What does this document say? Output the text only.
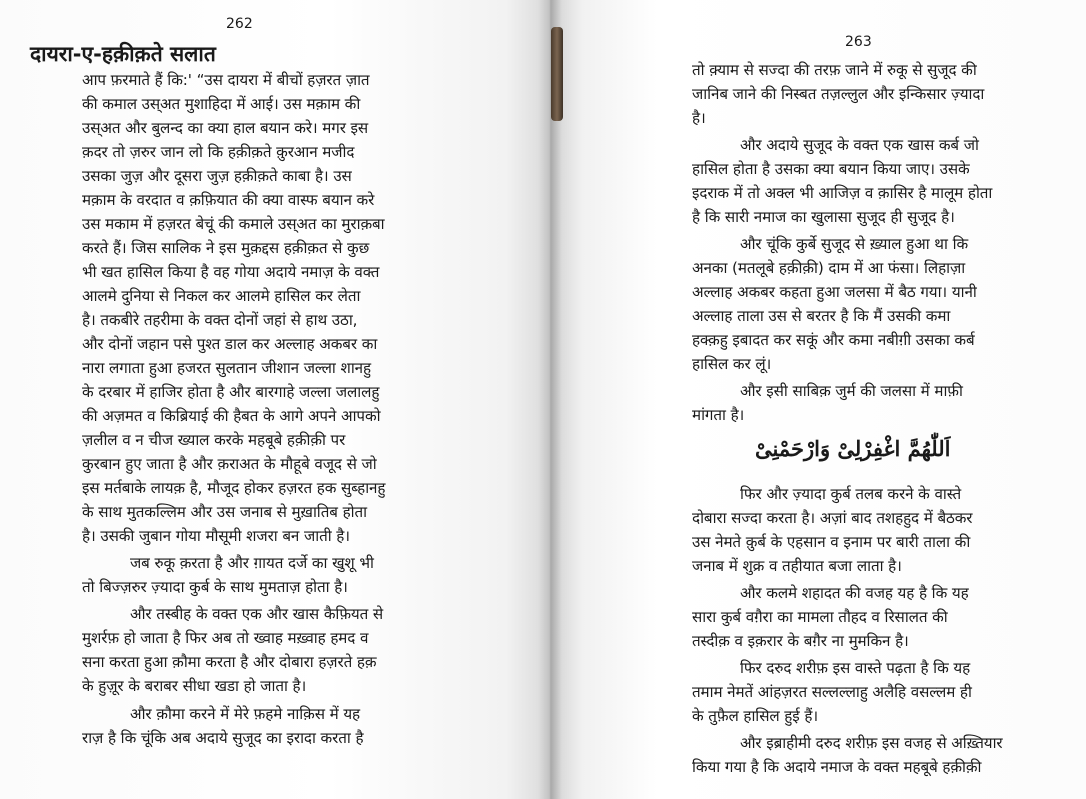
262
दायरा-ए-हक़ीक़ते सलात
आप फ़रमाते हैं कि:' “उस दायरा में बीचों हज़रत ज़ात
की कमाल उस्अत मुशाहिदा में आई। उस मक़ाम की
उस्अत और बुलन्द का क्या हाल बयान करे। मगर इस
क़दर तो ज़रुर जान लो कि हक़ीक़ते क़ुरआन मजीद
उसका जुज़ और दूसरा जुज़ हक़ीक़ते काबा है। उस
मक़ाम के वरदात व क़फ़ियात की क्या वास्फ बयान करे
उस मकाम में हज़रत बेचूं की कमाले उस्अत का मुराक़बा
करते हैं। जिस सालिक ने इस मुक़द्दस हक़ीक़त से कुछ
भी खत हासिल किया है वह गोया अदाये नमाज़ के वक्त
आलमे दुनिया से निकल कर आलमे हासिल कर लेता
है। तकबीरे तहरीमा के वक्त दोनों जहां से हाथ उठा,
और दोनों जहान पसे पुश्त डाल कर अल्लाह अकबर का
नारा लगाता हुआ हजरत सुलतान जीशान जल्ला शानहु
के दरबार में हाजिर होता है और बारगाहे जल्ला जलालहु
की अज़मत व किब्रियाई की हैबत के आगे अपने आपको
ज़लील व न चीज ख्याल करके महबूबे हक़ीक़ी पर
कुरबान हुए जाता है और क़राअत के मौहूबे वजूद से जो
इस मर्तबाके लायक़ है, मौजूद होकर हज़रत हक सुब्हानहु
के साथ मुतकल्लिम और उस जनाब से मुख़ातिब होता
है। उसकी जुबान गोया मौसूमी शजरा बन जाती है।
जब रुकू क़रता है और ग़ायत दर्जे का खुशू भी
तो बिज्ज़रुर ज़्यादा कुर्ब के साथ मुमताज़ होता है।
और तस्बीह के वक्त एक और खास कैफ़ियत से
मुशर्रफ़ हो जाता है फिर अब तो ख्वाह मख़्वाह हमद व
सना करता हुआ क़ौमा करता है और दोबारा हज़रते हक़
के हुज़ूर के बराबर सीधा खडा हो जाता है।
और क़ौमा करने में मेरे फ़हमे नाक़िस में यह
राज़ है कि चूंकि अब अदाये सुजूद का इरादा करता है
263
तो क़्याम से सज्दा की तरफ़ जाने में रुकू से सुजूद की
जानिब जाने की निस्बत तज़ल्लुल और इन्किसार ज़्यादा
है।
और अदाये सुजूद के वक्त एक खास कर्ब जो
हासिल होता है उसका क्या बयान किया जाए। उसके
इदराक में तो अक्ल भी आजिज़ व क़ासिर है मालूम होता
है कि सारी नमाज का खुलासा सुजूद ही सुजूद है।
और चूंकि कुर्बे सुजूद से ख़्याल हुआ था कि
अनका (मतलूबे हक़ीक़ी) दाम में आ फंसा। लिहाज़ा
अल्लाह अकबर कहता हुआ जलसा में बैठ गया। यानी
अल्लाह ताला उस से बरतर है कि मैं उसकी कमा
हक्क़हु इबादत कर सकूं और कमा नबीग़ी उसका कर्ब
हासिल कर लूं।
और इसी साबिक़ जुर्म की जलसा में माफ़ी
मांगता है।
اَللّٰھُمَّ اغْفِرْلِیْ وَارْحَمْنِیْ
फिर और ज़्यादा कुर्ब तलब करने के वास्ते
दोबारा सज्दा करता है। अज़ां बाद तशहहुद में बैठकर
उस नेमते क़ुर्ब के एहसान व इनाम पर बारी ताला की
जनाब में शुक्र व तहीयात बजा लाता है।
और कलमे शहादत की वजह यह है कि यह
सारा कुर्ब वग़ैरा का मामला तौहद व रिसालत की
तस्दीक़ व इक़रार के बग़ैर ना मुमकिन है।
फिर दरुद शरीफ़ इस वास्ते पढ़ता है कि यह
तमाम नेमतें आंहज़रत सल्लल्लाहु अलैहि वसल्लम ही
के तुफ़ैल हासिल हुई हैं।
और इब्राहीमी दरुद शरीफ़ इस वजह से अख़्तियार
किया गया है कि अदाये नमाज के वक्त महबूबे हक़ीक़ी
